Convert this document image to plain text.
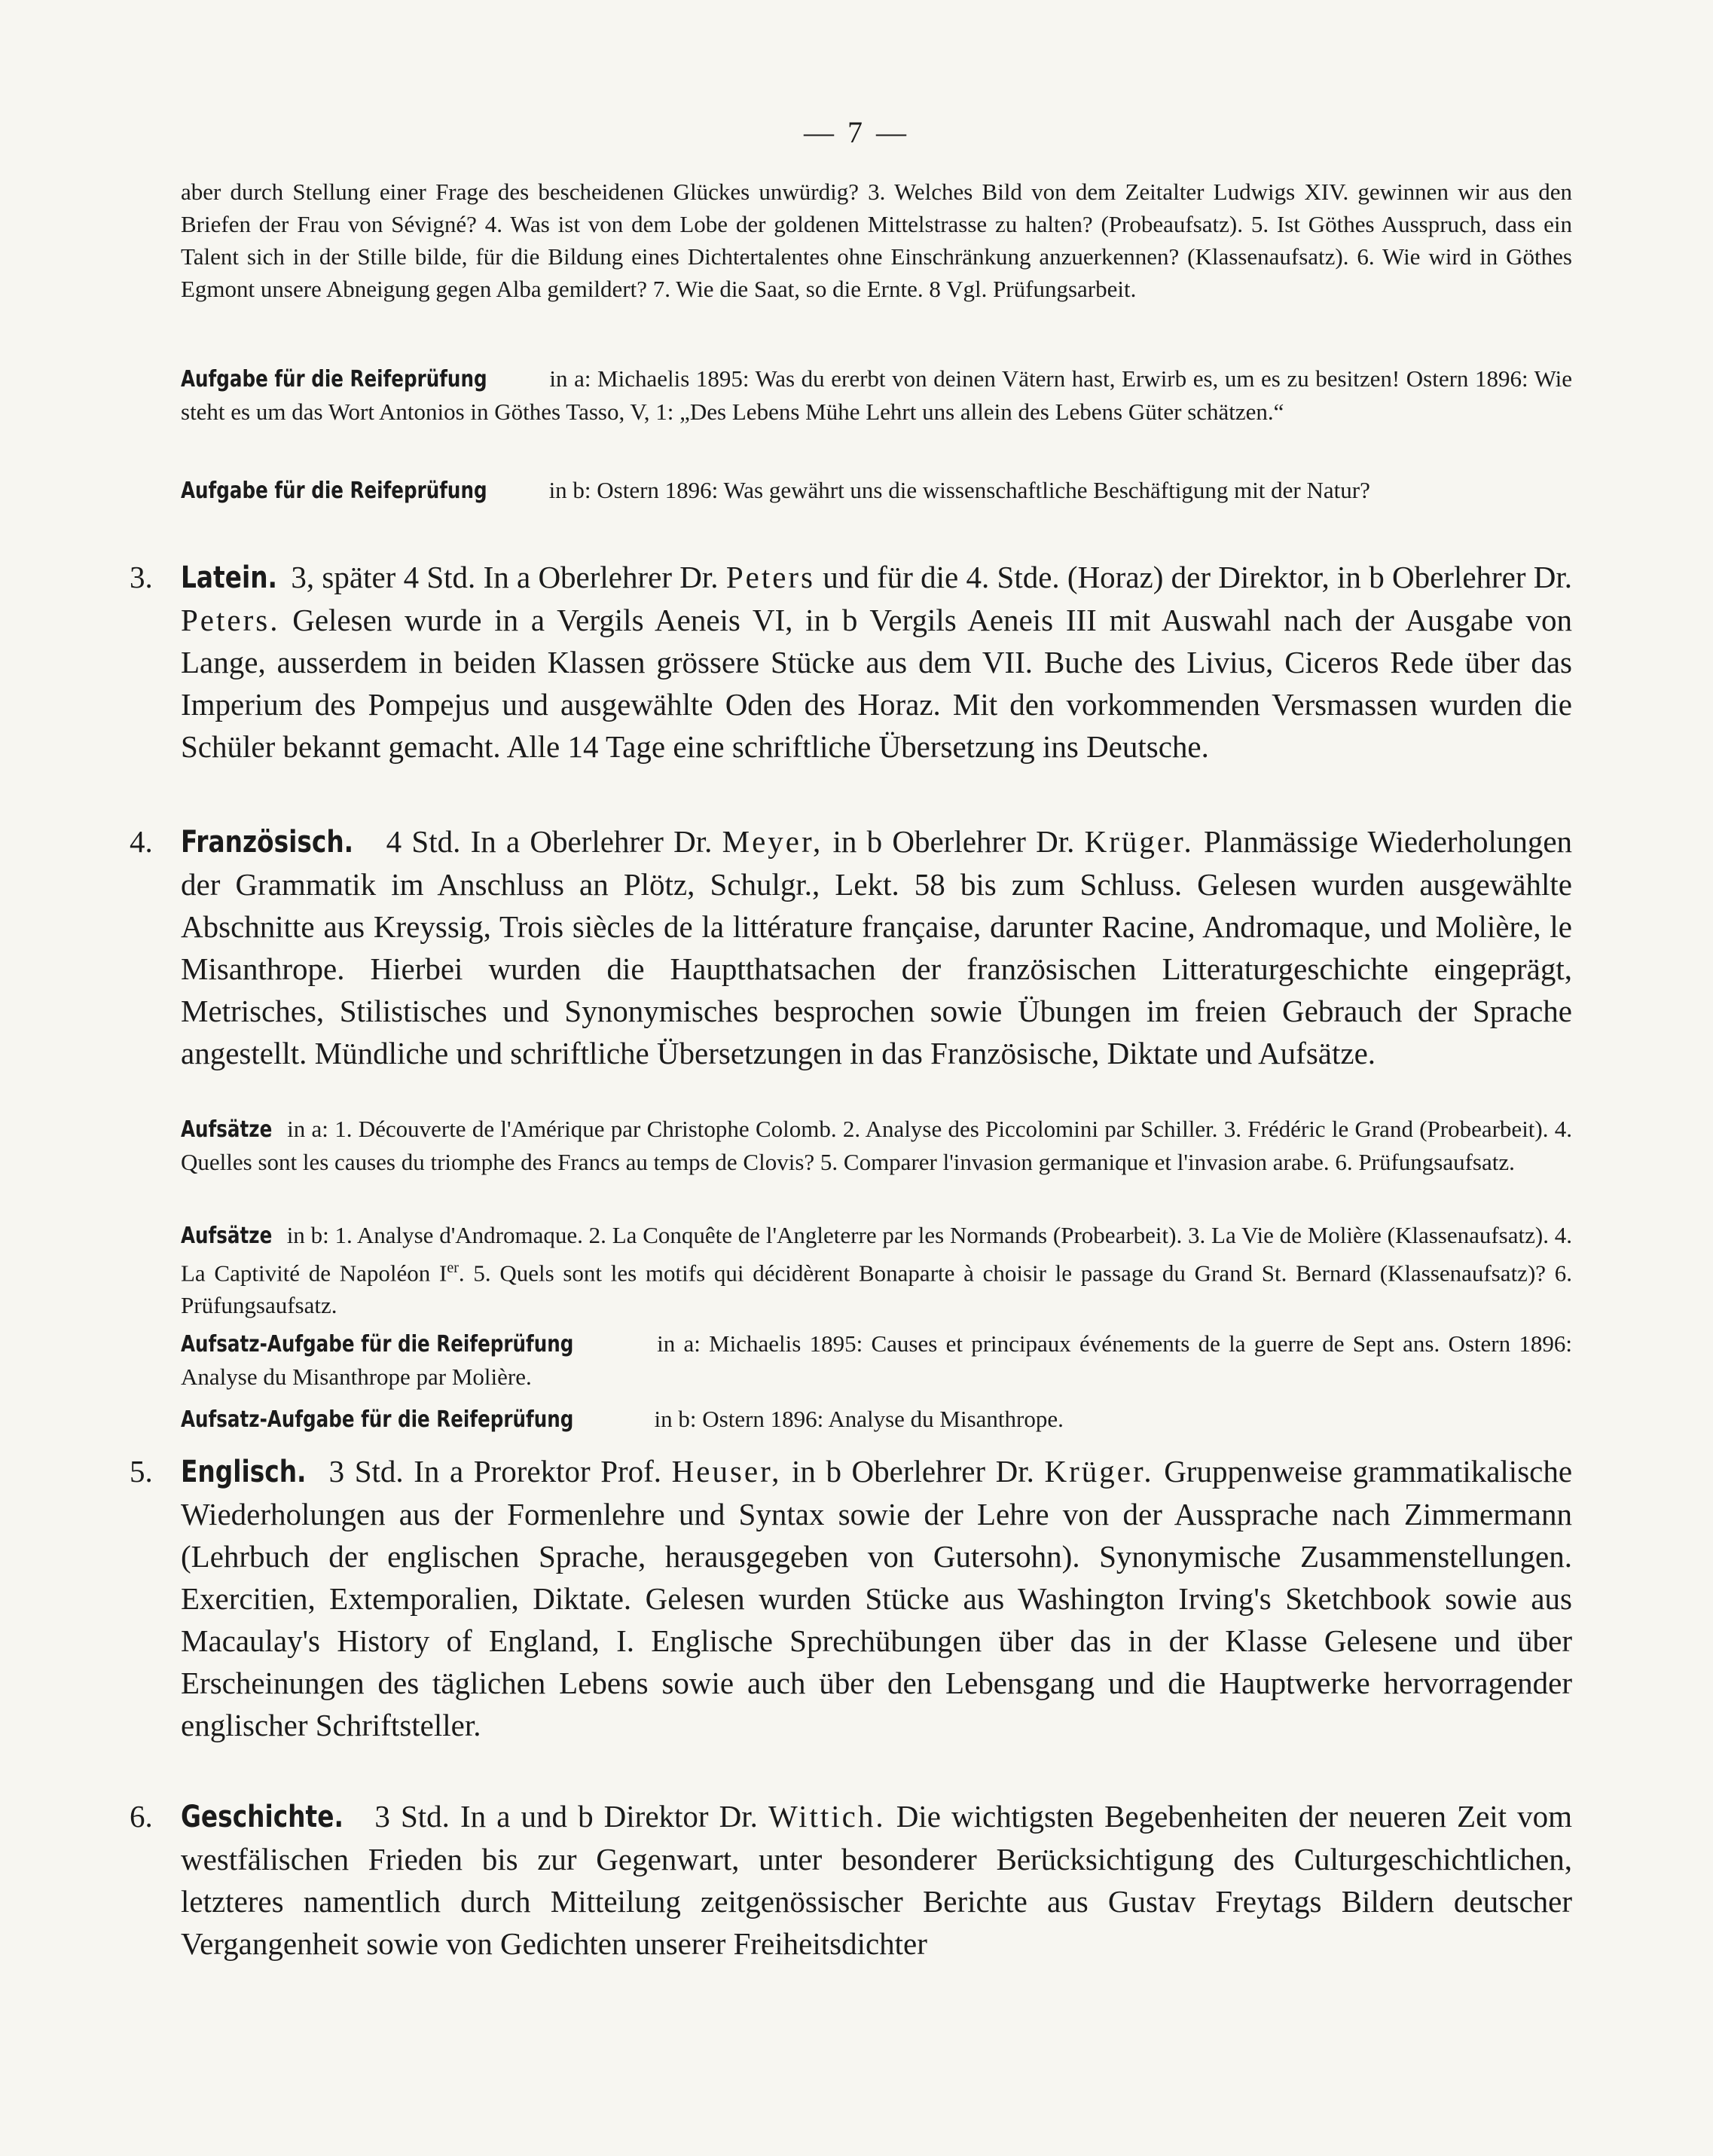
— 7 —

aber durch Stellung einer Frage des bescheidenen Glückes unwürdig? 3. Welches Bild von dem Zeitalter Ludwigs XIV. gewinnen wir aus den Briefen der Frau von Sévigné? 4. Was ist von dem Lobe der goldenen Mittelstrasse zu halten? (Probeaufsatz). 5. Ist Göthes Ausspruch, dass ein Talent sich in der Stille bilde, für die Bildung eines Dichtertalentes ohne Einschränkung anzuerkennen? (Klassenaufsatz). 6. Wie wird in Göthes Egmont unsere Abneigung gegen Alba gemildert? 7. Wie die Saat, so die Ernte. 8 Vgl. Prüfungsarbeit.

Aufgabe für die Reifeprüfung	in a: Michaelis 1895: Was du ererbt von deinen Vätern hast, Erwirb es, um es zu besitzen! Ostern 1896: Wie steht es um das Wort Antonios in Göthes Tasso, V, 1: „Des Lebens Mühe Lehrt uns allein des Lebens Güter schätzen.“

Aufgabe für die Reifeprüfung	in b: Ostern 1896: Was gewährt uns die wissenschaftliche Beschäftigung mit der Natur?

3. Latein. 3, später 4 Std. In a Oberlehrer Dr. Peters und für die 4. Stde. (Horaz) der Direktor, in b Oberlehrer Dr. Peters. Gelesen wurde in a Vergils Aeneis VI, in b Vergils Aeneis III mit Auswahl nach der Ausgabe von Lange, ausserdem in beiden Klassen grössere Stücke aus dem VII. Buche des Livius, Ciceros Rede über das Imperium des Pompejus und ausgewählte Oden des Horaz. Mit den vorkommenden Versmassen wurden die Schüler bekannt gemacht. Alle 14 Tage eine schriftliche Übersetzung ins Deutsche.

4. Französisch. 4 Std. In a Oberlehrer Dr. Meyer, in b Oberlehrer Dr. Krüger. Planmässige Wiederholungen der Grammatik im Anschluss an Plötz, Schulgr., Lekt. 58 bis zum Schluss. Gelesen wurden ausgewählte Abschnitte aus Kreyssig, Trois siècles de la littérature française, darunter Racine, Andromaque, und Molière, le Misanthrope. Hierbei wurden die Hauptthatsachen der französischen Litteraturgeschichte eingeprägt, Metrisches, Stilistisches und Synonymisches besprochen sowie Übungen im freien Gebrauch der Sprache angestellt. Mündliche und schriftliche Übersetzungen in das Französische, Diktate und Aufsätze.

Aufsätze in a: 1. Découverte de l'Amérique par Christophe Colomb. 2. Analyse des Piccolomini par Schiller. 3. Frédéric le Grand (Probearbeit). 4. Quelles sont les causes du triomphe des Francs au temps de Clovis? 5. Comparer l'invasion germanique et l'invasion arabe. 6. Prüfungsaufsatz.

Aufsätze in b: 1. Analyse d'Andromaque. 2. La Conquête de l'Angleterre par les Normands (Probearbeit). 3. La Vie de Molière (Klassenaufsatz). 4. La Captivité de Napoléon Ier. 5. Quels sont les motifs qui décidèrent Bonaparte à choisir le passage du Grand St. Bernard (Klassenaufsatz)? 6. Prüfungsaufsatz.

Aufsatz-Aufgabe für die Reifeprüfung	in a: Michaelis 1895: Causes et principaux événements de la guerre de Sept ans. Ostern 1896: Analyse du Misanthrope par Molière.

Aufsatz-Aufgabe für die Reifeprüfung	in b: Ostern 1896: Analyse du Misanthrope.

5. Englisch. 3 Std. In a Prorektor Prof. Heuser, in b Oberlehrer Dr. Krüger. Gruppenweise grammatikalische Wiederholungen aus der Formenlehre und Syntax sowie der Lehre von der Aussprache nach Zimmermann (Lehrbuch der englischen Sprache, herausgegeben von Gutersohn). Synonymische Zusammenstellungen. Exercitien, Extemporalien, Diktate. Gelesen wurden Stücke aus Washington Irving's Sketchbook sowie aus Macaulay's History of England, I. Englische Sprechübungen über das in der Klasse Gelesene und über Erscheinungen des täglichen Lebens sowie auch über den Lebensgang und die Hauptwerke hervorragender englischer Schriftsteller.

6. Geschichte. 3 Std. In a und b Direktor Dr. Wittich. Die wichtigsten Begebenheiten der neueren Zeit vom westfälischen Frieden bis zur Gegenwart, unter besonderer Berücksichtigung des Culturgeschichtlichen, letzteres namentlich durch Mitteilung zeitgenössischer Berichte aus Gustav Freytags Bildern deutscher Vergangenheit sowie von Gedichten unserer Freiheitsdichter
